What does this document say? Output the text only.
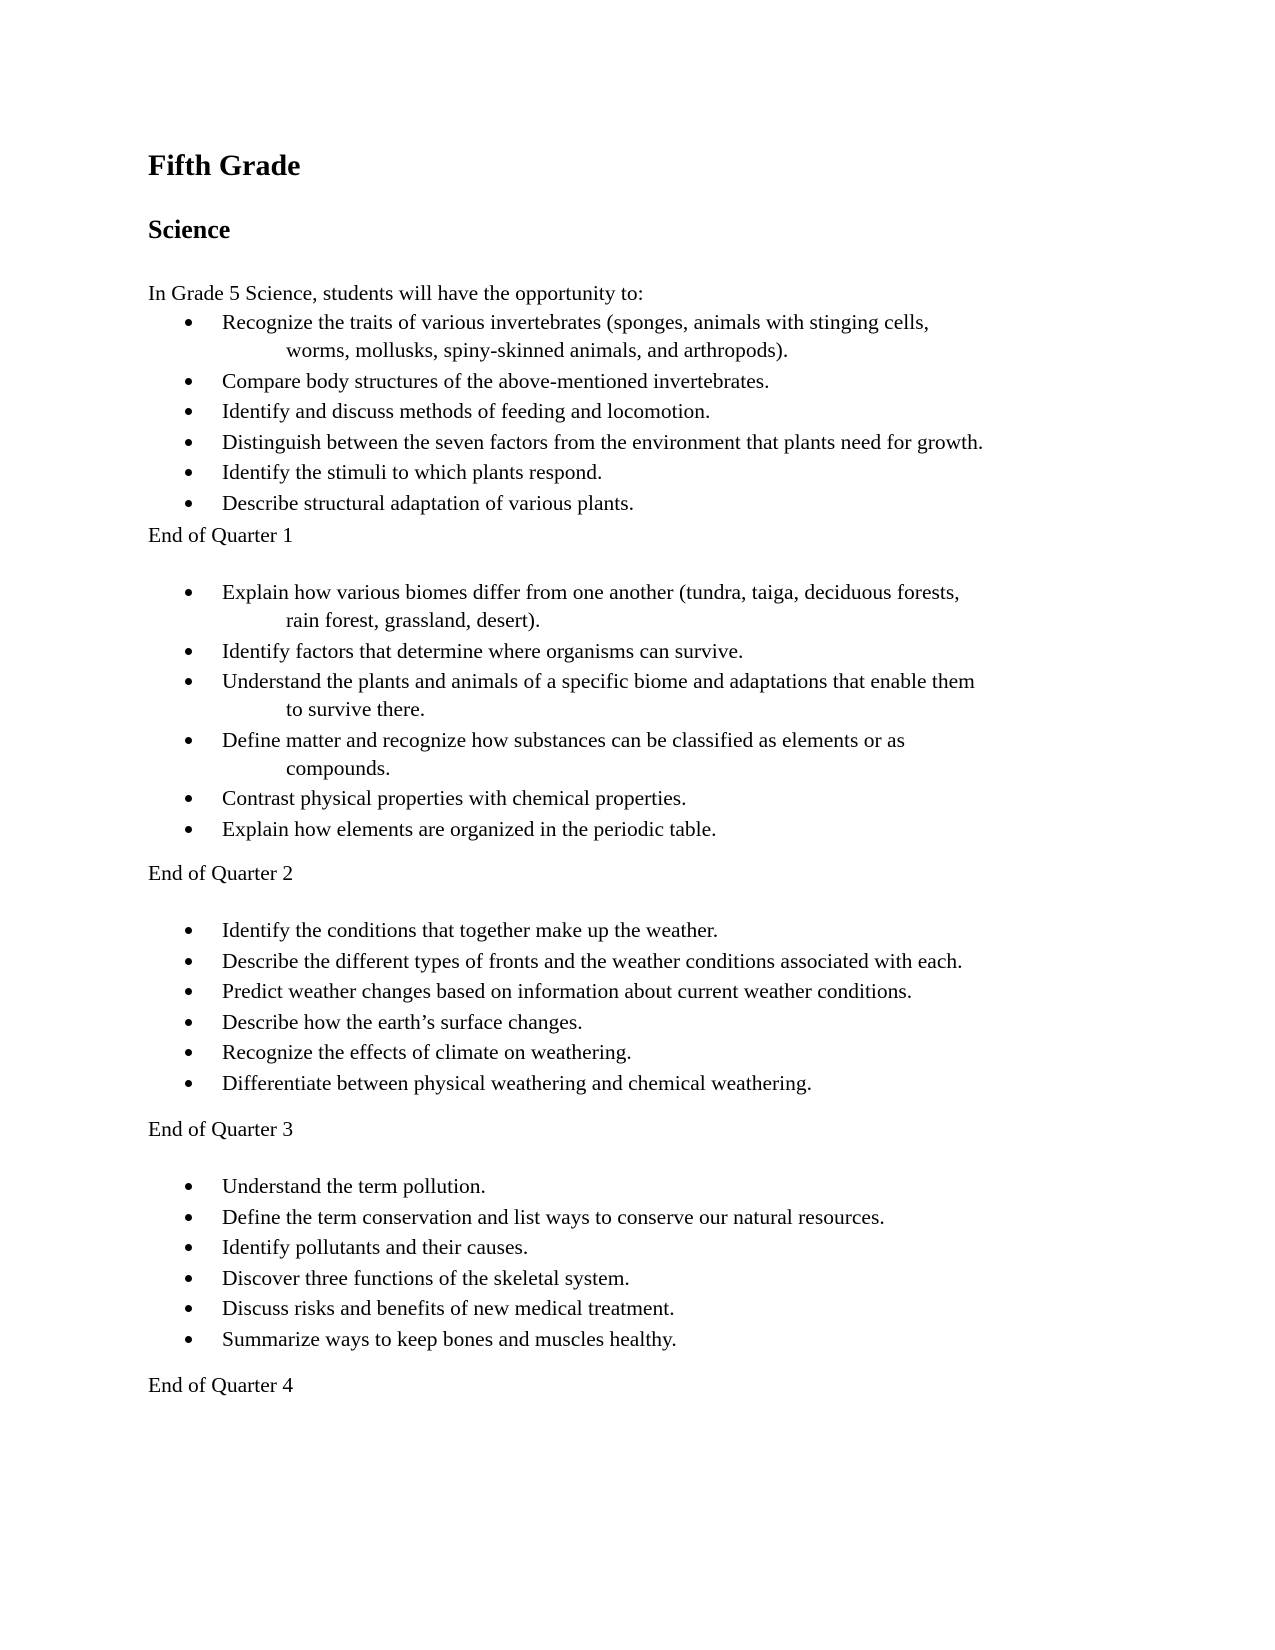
Fifth Grade
Science

In Grade 5 Science, students will have the opportunity to:

Recognize the traits of various invertebrates (sponges, animals with stinging cells,
worms, mollusks, spiny-skinned animals, and arthropods).
Compare body structures of the above-mentioned invertebrates.
Identify and discuss methods of feeding and locomotion.
Distinguish between the seven factors from the environment that plants need for growth.
Identify the stimuli to which plants respond.
Describe structural adaptation of various plants.

End of Quarter 1

Explain how various biomes differ from one another (tundra, taiga, deciduous forests,
rain forest, grassland, desert).
Identify factors that determine where organisms can survive.
Understand the plants and animals of a specific biome and adaptations that enable them
to survive there.
Define matter and recognize how substances can be classified as elements or as
compounds.
Contrast physical properties with chemical properties.
Explain how elements are organized in the periodic table.

End of Quarter 2

Identify the conditions that together make up the weather.
Describe the different types of fronts and the weather conditions associated with each.
Predict weather changes based on information about current weather conditions.
Describe how the earth’s surface changes.
Recognize the effects of climate on weathering.
Differentiate between physical weathering and chemical weathering.

End of Quarter 3

Understand the term pollution.
Define the term conservation and list ways to conserve our natural resources.
Identify pollutants and their causes.
Discover three functions of the skeletal system.
Discuss risks and benefits of new medical treatment.
Summarize ways to keep bones and muscles healthy.

End of Quarter 4
